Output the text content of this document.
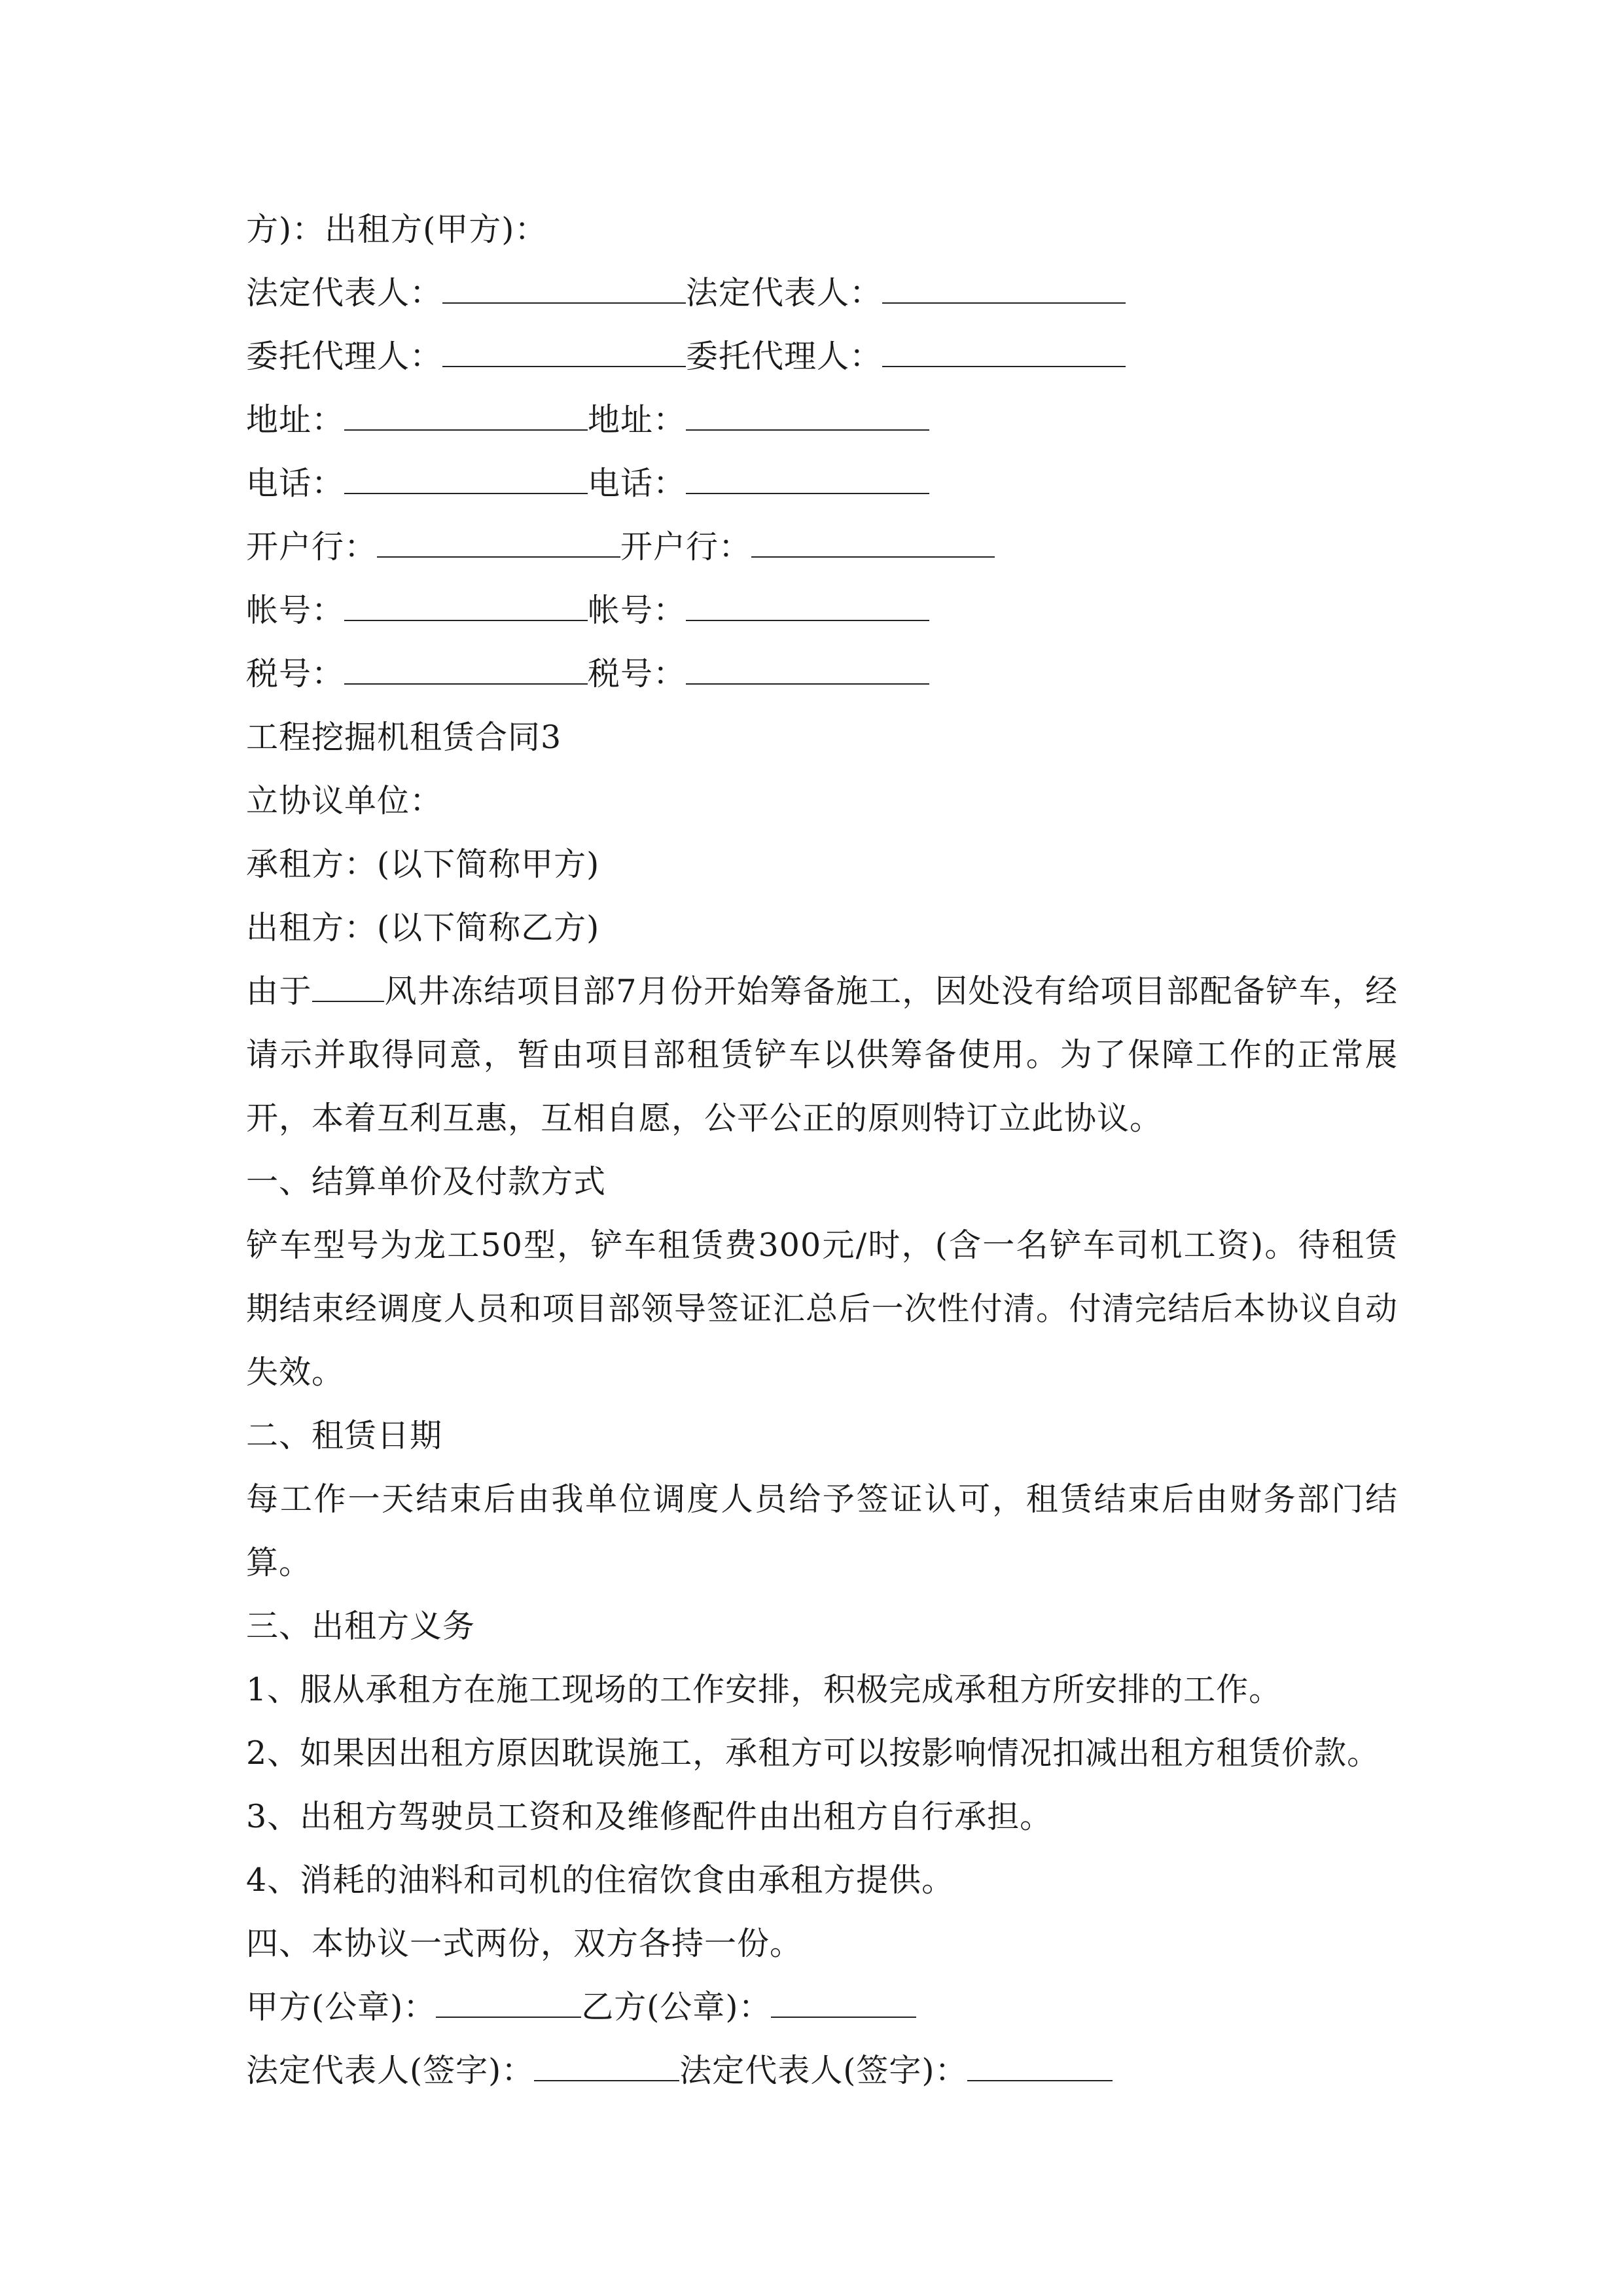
方)：出租方(甲方)：
法定代表人：	法定代表人：
委托代理人：	委托代理人：
地址：	地址：
电话：	电话：
开户行：	开户行：
帐号：	帐号：
税号：	税号：
工程挖掘机租赁合同3
立协议单位：
承租方：(以下简称甲方)
出租方：(以下简称乙方)
由于 风井冻结项目部7月份开始筹备施工，因处没有给项目部配备铲车，经请示并取得同意，暂由项目部租赁铲车以供筹备使用。为了保障工作的正常展开，本着互利互惠，互相自愿，公平公正的原则特订立此协议。
一、结算单价及付款方式
铲车型号为龙工50型，铲车租赁费300元/时，(含一名铲车司机工资)。待租赁期结束经调度人员和项目部领导签证汇总后一次性付清。付清完结后本协议自动失效。
二、租赁日期
每工作一天结束后由我单位调度人员给予签证认可，租赁结束后由财务部门结算。
三、出租方义务
1、服从承租方在施工现场的工作安排，积极完成承租方所安排的工作。
2、如果因出租方原因耽误施工，承租方可以按影响情况扣减出租方租赁价款。
3、出租方驾驶员工资和及维修配件由出租方自行承担。
4、消耗的油料和司机的住宿饮食由承租方提供。
四、本协议一式两份，双方各持一份。
甲方(公章)：	乙方(公章)：
法定代表人(签字)：	法定代表人(签字)：
